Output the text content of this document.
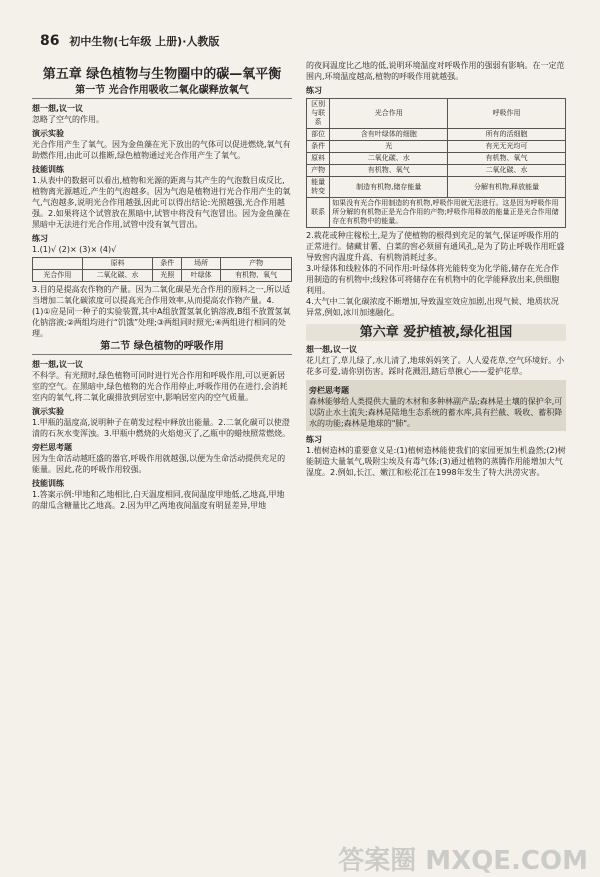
86 初中生物(七年级 上册)·人教版
第五章 绿色植物与生物圈中的碳—氧平衡
第一节 光合作用吸收二氧化碳释放氧气
想一想,议一议

忽略了空气的作用。

演示实验

光合作用产生了氧气。因为金鱼藻在光下放出的气体可以促进燃烧,氧气有助燃作用,由此可以推断,绿色植物通过光合作用产生了氧气。

技能训练

1.从表中的数据可以看出,植物和光源的距离与其产生的气泡数目成反比,植物离光源越近,产生的气泡越多。因为气泡是植物进行光合作用产生的氧气,气泡越多,说明光合作用越强,因此可以得出结论:光照越强,光合作用越强。2.如果将这个试管放在黑暗中,试管中将没有气泡冒出。因为金鱼藻在黑暗中无法进行光合作用,试管中没有氧气冒出。

练习

1.(1)√ (2)× (3)× (4)√

	原料	条件	场所	产物
光合作用	二氧化碳、水	光照	叶绿体	有机物、氧气

3.目的是提高农作物的产量。因为二氧化碳是光合作用的原料之一,所以适当增加二氧化碳浓度可以提高光合作用效率,从而提高农作物产量。4.(1)①应是同一种子的实验装置,其中A组放置氢氧化钠溶液,B组不放置氢氧化钠溶液;②两组均进行“饥饿”处理;③两组同时照光;④两组进行相同的处理。

第二节 绿色植物的呼吸作用
想一想,议一议

不科学。有光照时,绿色植物可同时进行光合作用和呼吸作用,可以更新居室的空气。在黑暗中,绿色植物的光合作用停止,呼吸作用仍在进行,会消耗室内的氧气,将二氧化碳排放到居室中,影响居室内的空气质量。

演示实验

1.甲瓶的温度高,说明种子在萌发过程中释放出能量。2.二氧化碳可以使澄清的石灰水变浑浊。3.甲瓶中燃烧的火焰熄灭了,乙瓶中的蜡烛照常燃烧。

旁栏思考题

因为生命活动越旺盛的器官,呼吸作用就越强,以便为生命活动提供充足的能量。因此,花的呼吸作用较强。

技能训练

1.答案示例:甲地和乙地相比,白天温度相同,夜间温度甲地低,乙地高,甲地的甜瓜含糖量比乙地高。2.因为甲乙两地夜间温度有明显差异,甲地

的夜间温度比乙地的低,说明环境温度对呼吸作用的强弱有影响。在一定范围内,环境温度越高,植物的呼吸作用就越强。

练习
区别与联系	光合作用	呼吸作用
部位	含有叶绿体的细胞	所有的活细胞
条件	光	有光无光均可
原料	二氧化碳、水	有机物、氧气
产物	有机物、氧气	二氧化碳、水
能量转变	制造有机物,储存能量	分解有机物,释放能量
联系	如果没有光合作用制造的有机物,呼吸作用就无法进行。这是因为呼吸作用所分解的有机物正是光合作用的产物;呼吸作用释放的能量正是光合作用储存在有机物中的能量。	

2.栽花或种庄稼松土,是为了使植物的根得到充足的氧气,保证呼吸作用的正常进行。储藏甘薯、白菜的窖必须留有通风孔,是为了防止呼吸作用旺盛导致窖内温度升高、有机物消耗过多。

3.叶绿体和线粒体的不同作用:叶绿体将光能转变为化学能,储存在光合作用制造的有机物中;线粒体可将储存在有机物中的化学能释放出来,供细胞利用。

4.大气中二氧化碳浓度不断增加,导致温室效应加剧,出现气候、地质状况异常,例如,冰川加速融化。

第六章 爱护植被,绿化祖国
想一想,议一议

花儿红了,草儿绿了,水儿清了,地球妈妈笑了。人人爱花草,空气环境好。小花多可爱,请你别伤害。踩时花溅泪,踏后草揪心——爱护花草。

旁栏思考题

森林能够给人类提供大量的木材和多种林副产品;森林是土壤的保护伞,可以防止水土流失;森林是陆地生态系统的蓄水库,具有拦截、吸收、蓄积降水的功能;森林是地球的"肺"。

练习

1.植树造林的重要意义是:(1)植树造林能使我们的家园更加生机盎然;(2)树能制造大量氧气,吸附尘埃及有毒气体;(3)通过植物的蒸腾作用能增加大气湿度。2.例如,长江、嫩江和松花江在1998年发生了特大洪涝灾害。

答案圈 MXQE.COM
